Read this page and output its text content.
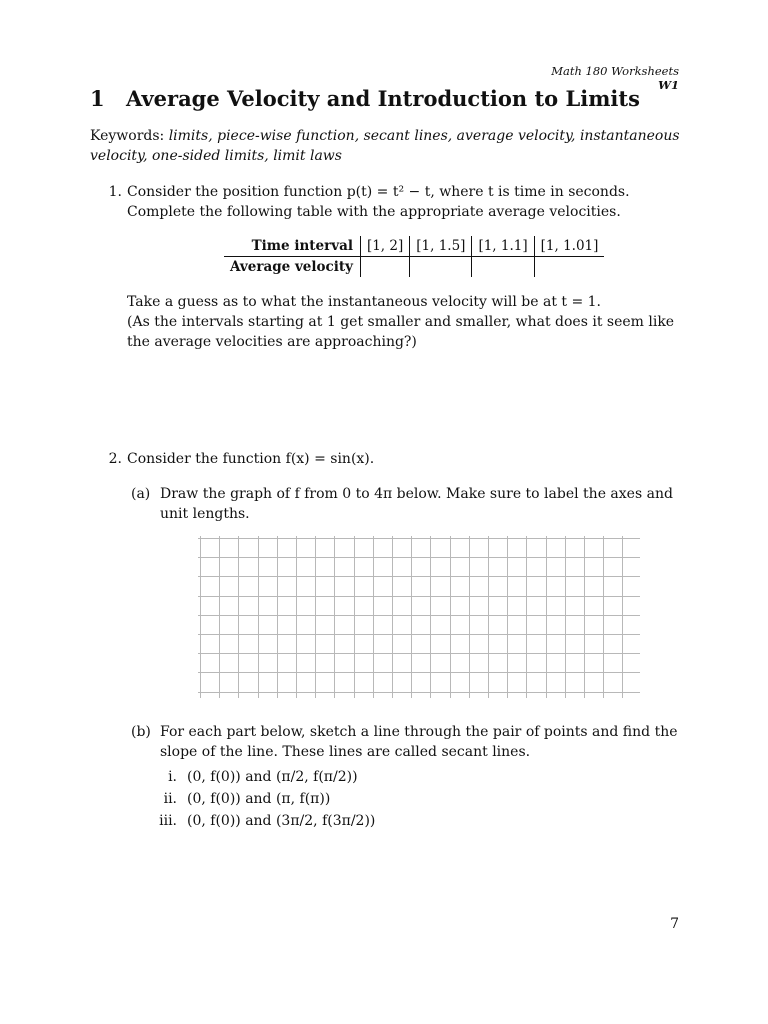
Math 180 Worksheets
W1
1 Average Velocity and Introduction to Limits
Keywords: limits, piece-wise function, secant lines, average velocity, instantaneous velocity, one-sided limits, limit laws
1. Consider the position function p(t) = t² − t, where t is time in seconds. Complete the following table with the appropriate average velocities.
Time interval	[1, 2]	[1, 1.5]	[1, 1.1]	[1, 1.01]
Average velocity				
Take a guess as to what the instantaneous velocity will be at t = 1.
(As the intervals starting at 1 get smaller and smaller, what does it seem like the average velocities are approaching?)
2. Consider the function f(x) = sin(x).
(a) Draw the graph of f from 0 to 4π below. Make sure to label the axes and unit lengths.
(b) For each part below, sketch a line through the pair of points and find the slope of the line. These lines are called secant lines.
i. (0, f(0)) and (π/2, f(π/2))
ii. (0, f(0)) and (π, f(π))
iii. (0, f(0)) and (3π/2, f(3π/2))
7
